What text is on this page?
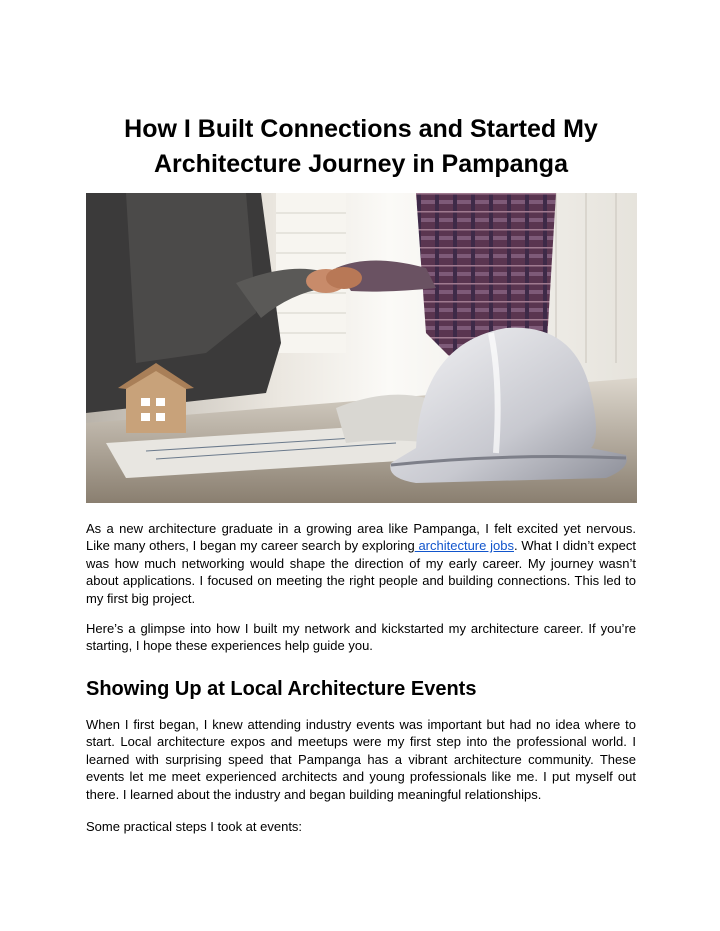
How I Built Connections and Started My
Architecture Journey in Pampanga

As a new architecture graduate in a growing area like Pampanga, I felt excited yet nervous. Like many others, I began my career search by exploring architecture jobs. What I didn’t expect was how much networking would shape the direction of my early career. My journey wasn’t about applications. I focused on meeting the right people and building connections. This led to my first big project.

Here’s a glimpse into how I built my network and kickstarted my architecture career. If you’re starting, I hope these experiences help guide you.

Showing Up at Local Architecture Events

When I first began, I knew attending industry events was important but had no idea where to start. Local architecture expos and meetups were my first step into the professional world. I learned with surprising speed that Pampanga has a vibrant architecture community. These events let me meet experienced architects and young professionals like me. I put myself out there. I learned about the industry and began building meaningful relationships.

Some practical steps I took at events:
